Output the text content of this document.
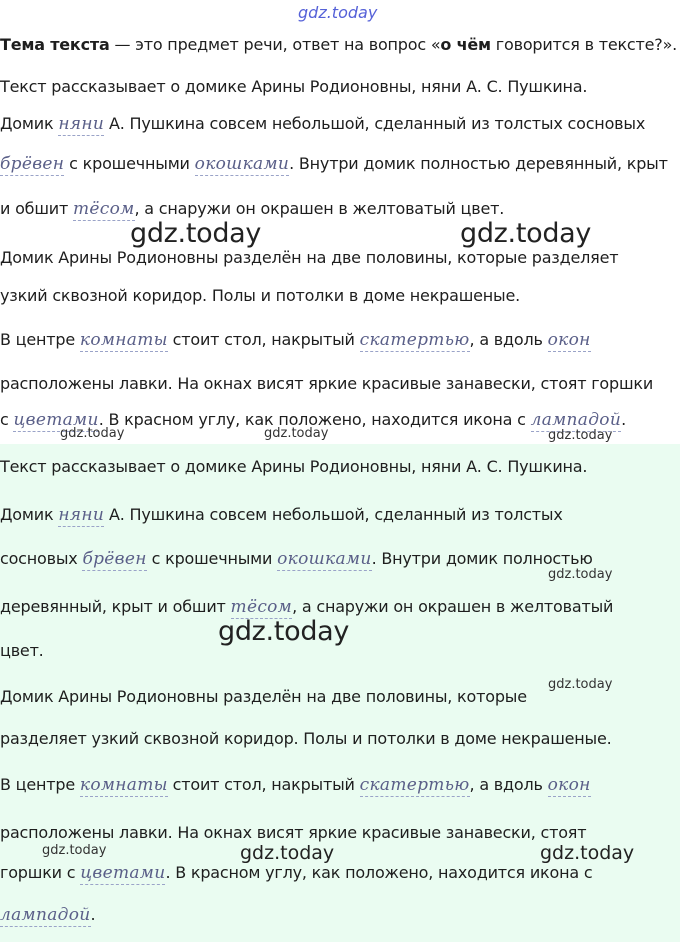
gdz.today
Тема текста — это предмет речи, ответ на вопрос «о чём говорится в тексте?».
Текст рассказывает о домике Арины Родионовны, няни А. С. Пушкина.
Домик няни А. Пушкина совсем небольшой, сделанный из толстых сосновых
брёвен с крошечными окошками. Внутри домик полностью деревянный, крыт
и обшит тёсом, а снаружи он окрашен в желтоватый цвет.
gdz.today	gdz.today
Домик Арины Родионовны разделён на две половины, которые разделяет
узкий сквозной коридор. Полы и потолки в доме некрашеные.
В центре комнаты стоит стол, накрытый скатертью, а вдоль окон
расположены лавки. На окнах висят яркие красивые занавески, стоят горшки
с цветами. В красном углу, как положено, находится икона с лампадой.
gdz.today	gdz.today	gdz.today
Текст рассказывает о домике Арины Родионовны, няни А. С. Пушкина.
Домик няни А. Пушкина совсем небольшой, сделанный из толстых
сосновых брёвен с крошечными окошками. Внутри домик полностью
gdz.today
деревянный, крыт и обшит тёсом, а снаружи он окрашен в желтоватый
gdz.today
цвет.
gdz.today
Домик Арины Родионовны разделён на две половины, которые
разделяет узкий сквозной коридор. Полы и потолки в доме некрашеные.
В центре комнаты стоит стол, накрытый скатертью, а вдоль окон
расположены лавки. На окнах висят яркие красивые занавески, стоят
gdz.today	gdz.today	gdz.today
горшки с цветами. В красном углу, как положено, находится икона с
лампадой.
